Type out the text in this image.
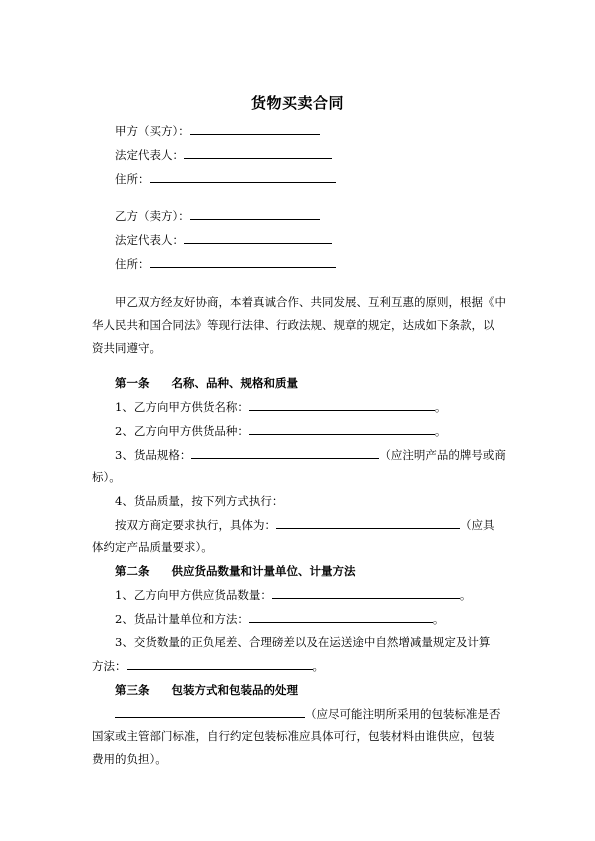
货物买卖合同
甲方（买方）：
法定代表人：
住所：
乙方（卖方）：
法定代表人：
住所：
甲乙双方经友好协商，本着真诚合作、共同发展、互利互惠的原则，根据《中
华人民共和国合同法》等现行法律、行政法规、规章的规定，达成如下条款，以
资共同遵守。
第一条 名称、品种、规格和质量
1、乙方向甲方供货名称：	。
2、乙方向甲方供货品种：	。
3、货品规格：	（应注明产品的牌号或商
标）。
4、货品质量，按下列方式执行：
按双方商定要求执行，具体为：	（应具
体约定产品质量要求）。
第二条 供应货品数量和计量单位、计量方法
1、乙方向甲方供应货品数量：	。
2、货品计量单位和方法：	。
3、交货数量的正负尾差、合理磅差以及在运送途中自然增减量规定及计算
方法：	。
第三条 包装方式和包装品的处理
（应尽可能注明所采用的包装标准是否
国家或主管部门标准，自行约定包装标准应具体可行，包装材料由谁供应，包装
费用的负担）。
